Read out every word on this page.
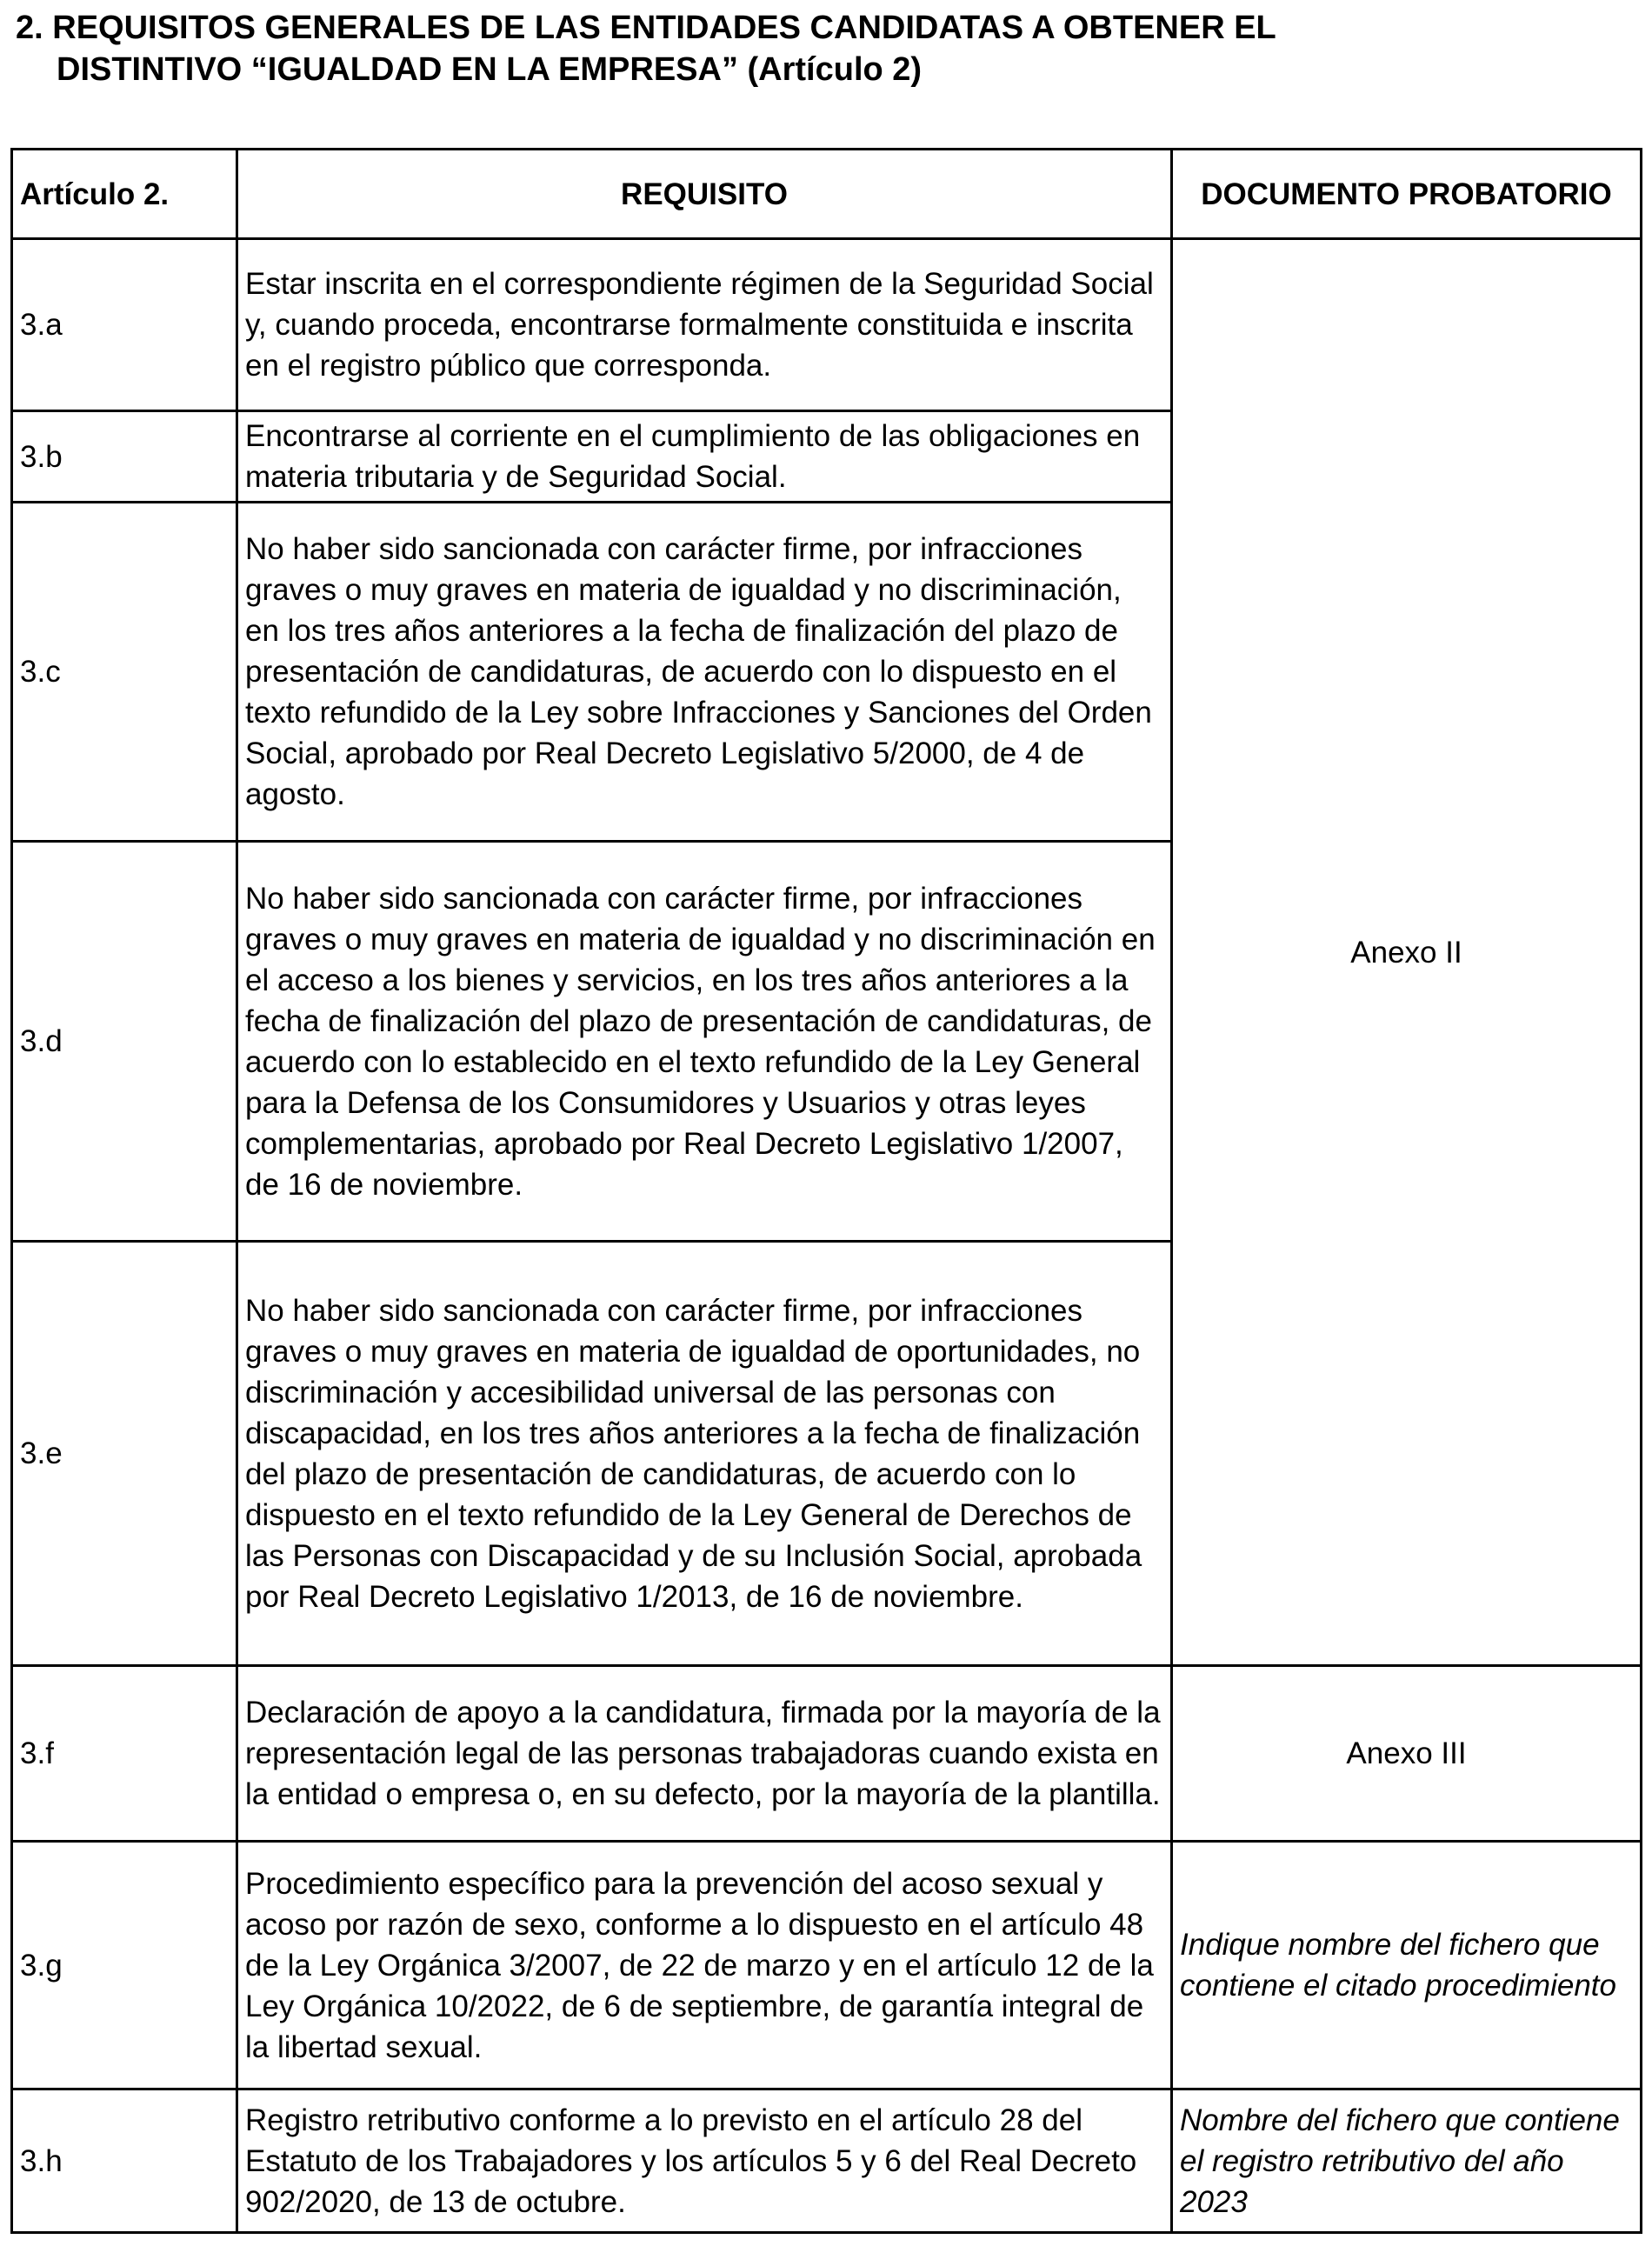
2. REQUISITOS GENERALES DE LAS ENTIDADES CANDIDATAS A OBTENER EL
DISTINTIVO “IGUALDAD EN LA EMPRESA” (Artículo 2)
Artículo 2.	REQUISITO	DOCUMENTO PROBATORIO
3.a	Estar inscrita en el correspondiente régimen de la Seguridad Social y, cuando proceda, encontrarse formalmente constituida e inscrita en el registro público que corresponda.	Anexo II
3.b	Encontrarse al corriente en el cumplimiento de las obligaciones en materia tributaria y de Seguridad Social.	
3.c	No haber sido sancionada con carácter firme, por infracciones graves o muy graves en materia de igualdad y no discriminación, en los tres años anteriores a la fecha de finalización del plazo de presentación de candidaturas, de acuerdo con lo dispuesto en el texto refundido de la Ley sobre Infracciones y Sanciones del Orden Social, aprobado por Real Decreto Legislativo 5/2000, de 4 de agosto.	
3.d	No haber sido sancionada con carácter firme, por infracciones graves o muy graves en materia de igualdad y no discriminación en el acceso a los bienes y servicios, en los tres años anteriores a la fecha de finalización del plazo de presentación de candidaturas, de acuerdo con lo establecido en el texto refundido de la Ley General para la Defensa de los Consumidores y Usuarios y otras leyes complementarias, aprobado por Real Decreto Legislativo 1/2007, de 16 de noviembre.	
3.e	No haber sido sancionada con carácter firme, por infracciones graves o muy graves en materia de igualdad de oportunidades, no discriminación y accesibilidad universal de las personas con discapacidad, en los tres años anteriores a la fecha de finalización del plazo de presentación de candidaturas, de acuerdo con lo dispuesto en el texto refundido de la Ley General de Derechos de las Personas con Discapacidad y de su Inclusión Social, aprobada por Real Decreto Legislativo 1/2013, de 16 de noviembre.	
3.f	Declaración de apoyo a la candidatura, firmada por la mayoría de la representación legal de las personas trabajadoras cuando exista en la entidad o empresa o, en su defecto, por la mayoría de la plantilla.	Anexo III
3.g	Procedimiento específico para la prevención del acoso sexual y acoso por razón de sexo, conforme a lo dispuesto en el artículo 48 de la Ley Orgánica 3/2007, de 22 de marzo y en el artículo 12 de la Ley Orgánica 10/2022, de 6 de septiembre, de garantía integral de la libertad sexual.	Indique nombre del fichero que contiene el citado procedimiento
3.h	Registro retributivo conforme a lo previsto en el artículo 28 del Estatuto de los Trabajadores y los artículos 5 y 6 del Real Decreto 902/2020, de 13 de octubre.	Nombre del fichero que contiene el registro retributivo del año 2023
